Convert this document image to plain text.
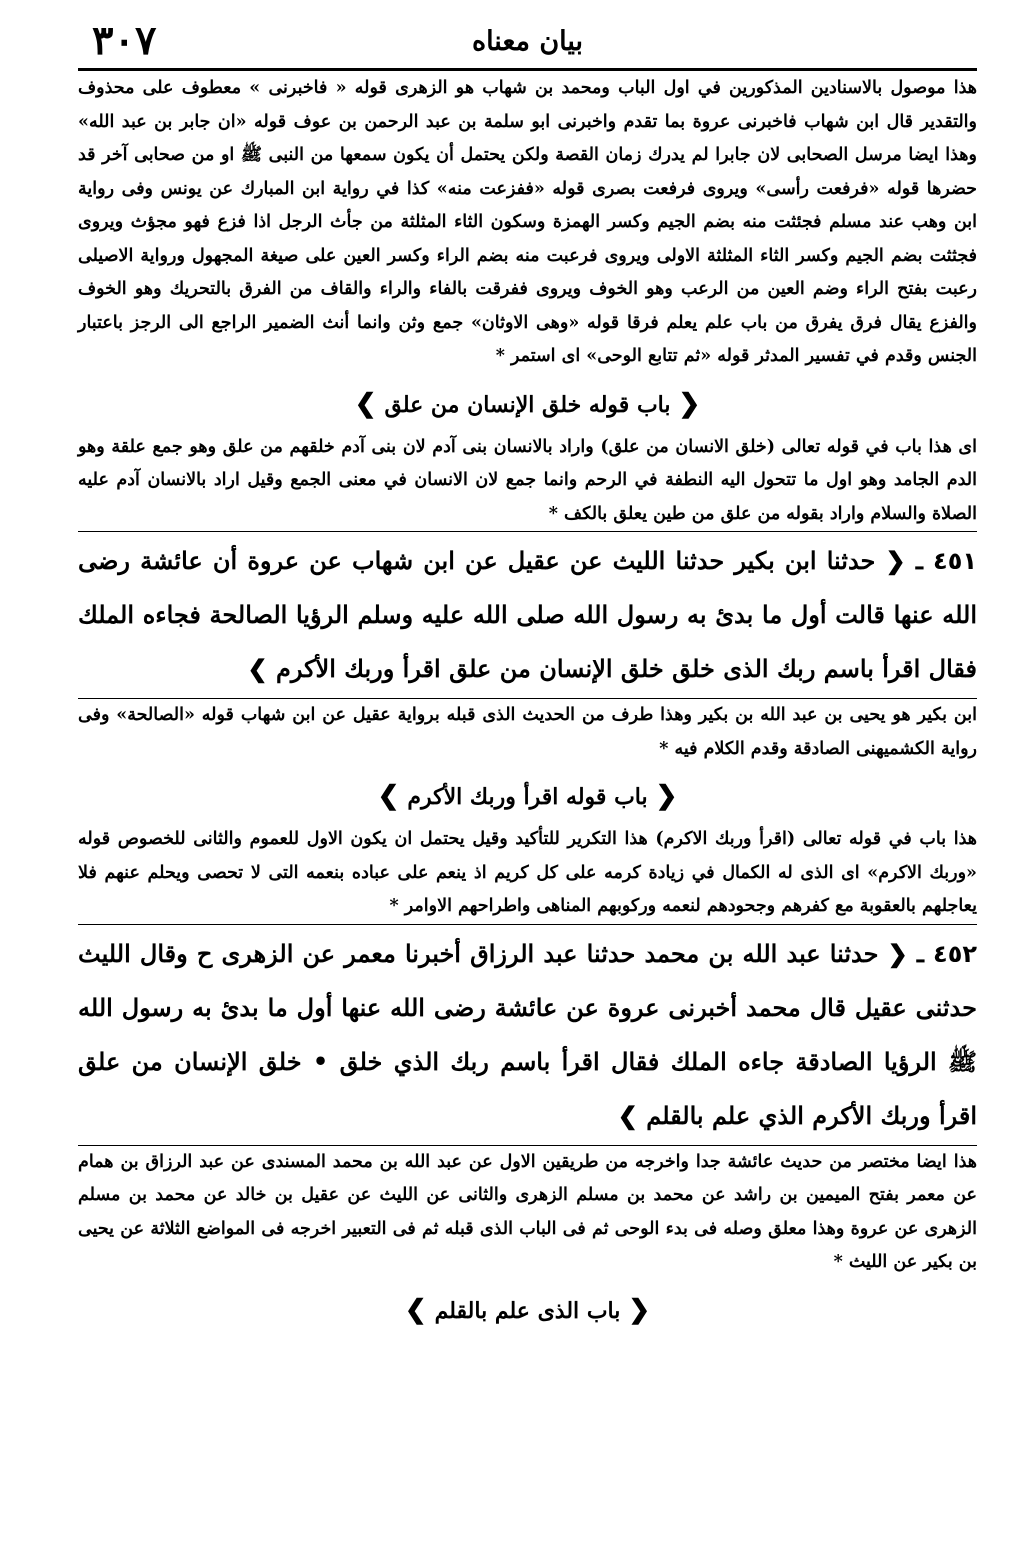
٣٠٧	بيان معناه

هذا موصول بالاسنادين المذكورين في اول الباب ومحمد بن شهاب هو الزهرى قوله « فاخبرنى » معطوف على محذوف والتقدير قال ابن شهاب فاخبرنى عروة بما تقدم واخبرنى ابو سلمة بن عبد الرحمن بن عوف قوله «ان جابر بن عبد الله» وهذا ايضا مرسل الصحابى لان جابرا لم يدرك زمان القصة ولكن يحتمل أن يكون سمعها من النبى ﷺ او من صحابى آخر قد حضرها قوله «فرفعت رأسى» ويروى فرفعت بصرى قوله «ففزعت منه» كذا في رواية ابن المبارك عن يونس وفى رواية ابن وهب عند مسلم فجئثت منه بضم الجيم وكسر الهمزة وسكون الثاء المثلثة من جأث الرجل اذا فزع فهو مجؤث ويروى فجثثت بضم الجيم وكسر الثاء المثلثة الاولى ويروى فرعبت منه بضم الراء وكسر العين على صيغة المجهول ورواية الاصيلى رعبت بفتح الراء وضم العين من الرعب وهو الخوف ويروى ففرقت بالفاء والراء والقاف من الفرق بالتحريك وهو الخوف والفزع يقال فرق يفرق من باب علم يعلم فرقا قوله «وهى الاوثان» جمع وثن وانما أنث الضمير الراجع الى الرجز باعتبار الجنس وقدم في تفسير المدثر قوله «ثم تتابع الوحى» اى استمر *

❮باب قوله خلق الإنسان من علق❯

اى هذا باب في قوله تعالى (خلق الانسان من علق) واراد بالانسان بنى آدم لان بنى آدم خلقهم من علق وهو جمع علقة وهو الدم الجامد وهو اول ما تتحول اليه النطفة في الرحم وانما جمع لان الانسان في معنى الجمع وقيل اراد بالانسان آدم عليه الصلاة والسلام واراد بقوله من علق من طين يعلق بالكف *

٤٥١ ـ ❮ حدثنا ابن بكير حدثنا الليث عن عقيل عن ابن شهاب عن عروة أن عائشة رضى الله عنها قالت أول ما بدئ به رسول الله صلى الله عليه وسلم الرؤيا الصالحة فجاءه الملك فقال اقرأ باسم ربك الذى خلق خلق الإنسان من علق اقرأ وربك الأكرم ❯

ابن بكير هو يحيى بن عبد الله بن بكير وهذا طرف من الحديث الذى قبله برواية عقيل عن ابن شهاب قوله «الصالحة» وفى رواية الكشميهنى الصادقة وقدم الكلام فيه *

❮باب قوله اقرأ وربك الأكرم❯

هذا باب في قوله تعالى (اقرأ وربك الاكرم) هذا التكرير للتأكيد وقيل يحتمل ان يكون الاول للعموم والثانى للخصوص قوله «وربك الاكرم» اى الذى له الكمال في زيادة كرمه على كل كريم اذ ينعم على عباده بنعمه التى لا تحصى ويحلم عنهم فلا يعاجلهم بالعقوبة مع كفرهم وجحودهم لنعمه وركوبهم المناهى واطراحهم الاوامر *

٤٥٢ ـ ❮ حدثنا عبد الله بن محمد حدثنا عبد الرزاق أخبرنا معمر عن الزهرى ح وقال الليث حدثنى عقيل قال محمد أخبرنى عروة عن عائشة رضى الله عنها أول ما بدئ به رسول الله ﷺ الرؤيا الصادقة جاءه الملك فقال اقرأ باسم ربك الذي خلق • خلق الإنسان من علق اقرأ وربك الأكرم الذي علم بالقلم ❯

هذا ايضا مختصر من حديث عائشة جدا واخرجه من طريقين الاول عن عبد الله بن محمد المسندى عن عبد الرزاق بن همام عن معمر بفتح الميمين بن راشد عن محمد بن مسلم الزهرى والثانى عن الليث عن عقيل بن خالد عن محمد بن مسلم الزهرى عن عروة وهذا معلق وصله فى بدء الوحى ثم فى الباب الذى قبله ثم فى التعبير اخرجه فى المواضع الثلاثة عن يحيى بن بكير عن الليث *

❮باب الذى علم بالقلم❯
